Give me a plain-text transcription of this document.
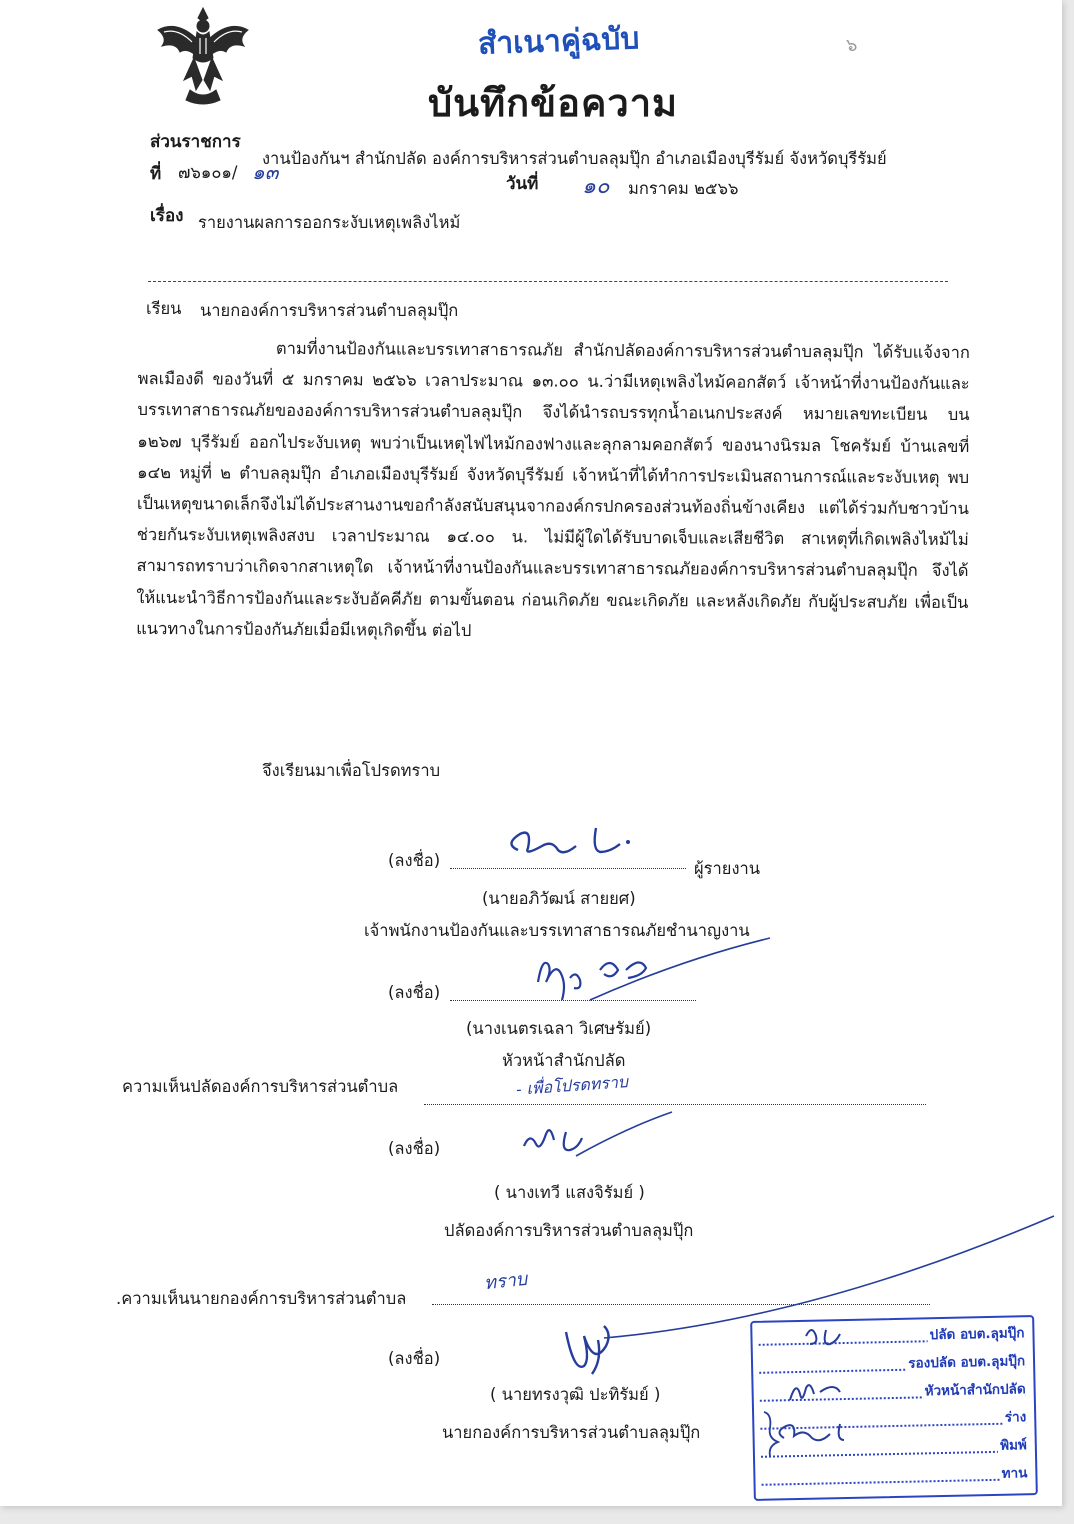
สำเนาคู่ฉบับ	๖
บันทึกข้อความ
ส่วนราชการ
งานป้องกันฯ สำนักปลัด องค์การบริหารส่วนตำบลลุมปุ๊ก อำเภอเมืองบุรีรัมย์ จังหวัดบุรีรัมย์
ที่ ๗๖๑๐๑/ ๑๓	วันที่ ๑๐ มกราคม ๒๕๖๖
เรื่อง รายงานผลการออกระงับเหตุเพลิงไหม้
เรียน นายกองค์การบริหารส่วนตำบลลุมปุ๊ก
ตามที่งานป้องกันและบรรเทาสาธารณภัย สำนักปลัดองค์การบริหารส่วนตำบลลุมปุ๊ก ได้รับแจ้งจากพลเมืองดี ของวันที่ ๕ มกราคม ๒๕๖๖ เวลาประมาณ ๑๓.๐๐ น.ว่ามีเหตุเพลิงไหม้คอกสัตว์ เจ้าหน้าที่งานป้องกันและบรรเทาสาธารณภัยขององค์การบริหารส่วนตำบลลุมปุ๊ก จึงได้นำรถบรรทุกน้ำอเนกประสงค์ หมายเลขทะเบียน บน ๑๒๖๗ บุรีรัมย์ ออกไประงับเหตุ พบว่าเป็นเหตุไฟไหม้กองฟางและลุกลามคอกสัตว์ ของนางนิรมล โชครัมย์ บ้านเลขที่ ๑๔๒ หมู่ที่ ๒ ตำบลลุมปุ๊ก อำเภอเมืองบุรีรัมย์ จังหวัดบุรีรัมย์ เจ้าหน้าที่ได้ทำการประเมินสถานการณ์และระงับเหตุ พบเป็นเหตุขนาดเล็กจึงไม่ได้ประสานงานขอกำลังสนับสนุนจากองค์กรปกครองส่วนท้องถิ่นข้างเคียง แต่ได้ร่วมกับชาวบ้านช่วยกันระงับเหตุเพลิงสงบ เวลาประมาณ ๑๔.๐๐ น. ไม่มีผู้ใดได้รับบาดเจ็บและเสียชีวิต สาเหตุที่เกิดเพลิงไหม้ไม่สามารถทราบว่าเกิดจากสาเหตุใด เจ้าหน้าที่งานป้องกันและบรรเทาสาธารณภัยองค์การบริหารส่วนตำบลลุมปุ๊ก จึงได้ให้แนะนำวิธีการป้องกันและระงับอัคคีภัย ตามขั้นตอน ก่อนเกิดภัย ขณะเกิดภัย และหลังเกิดภัย กับผู้ประสบภัย เพื่อเป็นแนวทางในการป้องกันภัยเมื่อมีเหตุเกิดขึ้น ต่อไป
จึงเรียนมาเพื่อโปรดทราบ
(ลงชื่อ)	ผู้รายงาน
(นายอภิวัฒน์ สายยศ)
เจ้าพนักงานป้องกันและบรรเทาสาธารณภัยชำนาญงาน
(ลงชื่อ)
(นางเนตรเฉลา วิเศษรัมย์)
หัวหน้าสำนักปลัด
ความเห็นปลัดองค์การบริหารส่วนตำบล	- เพื่อโปรดทราบ
(ลงชื่อ)
( นางเทวี แสงจิรัมย์ )
ปลัดองค์การบริหารส่วนตำบลลุมปุ๊ก
.ความเห็นนายกองค์การบริหารส่วนตำบล
ทราบ
(ลงชื่อ)
( นายทรงวุฒิ ปะทิรัมย์ )
นายกองค์การบริหารส่วนตำบลลุมปุ๊ก
ปลัด อบต.ลุมปุ๊ก
รองปลัด อบต.ลุมปุ๊ก
หัวหน้าสำนักปลัด
ร่าง
พิมพ์
ทาน
